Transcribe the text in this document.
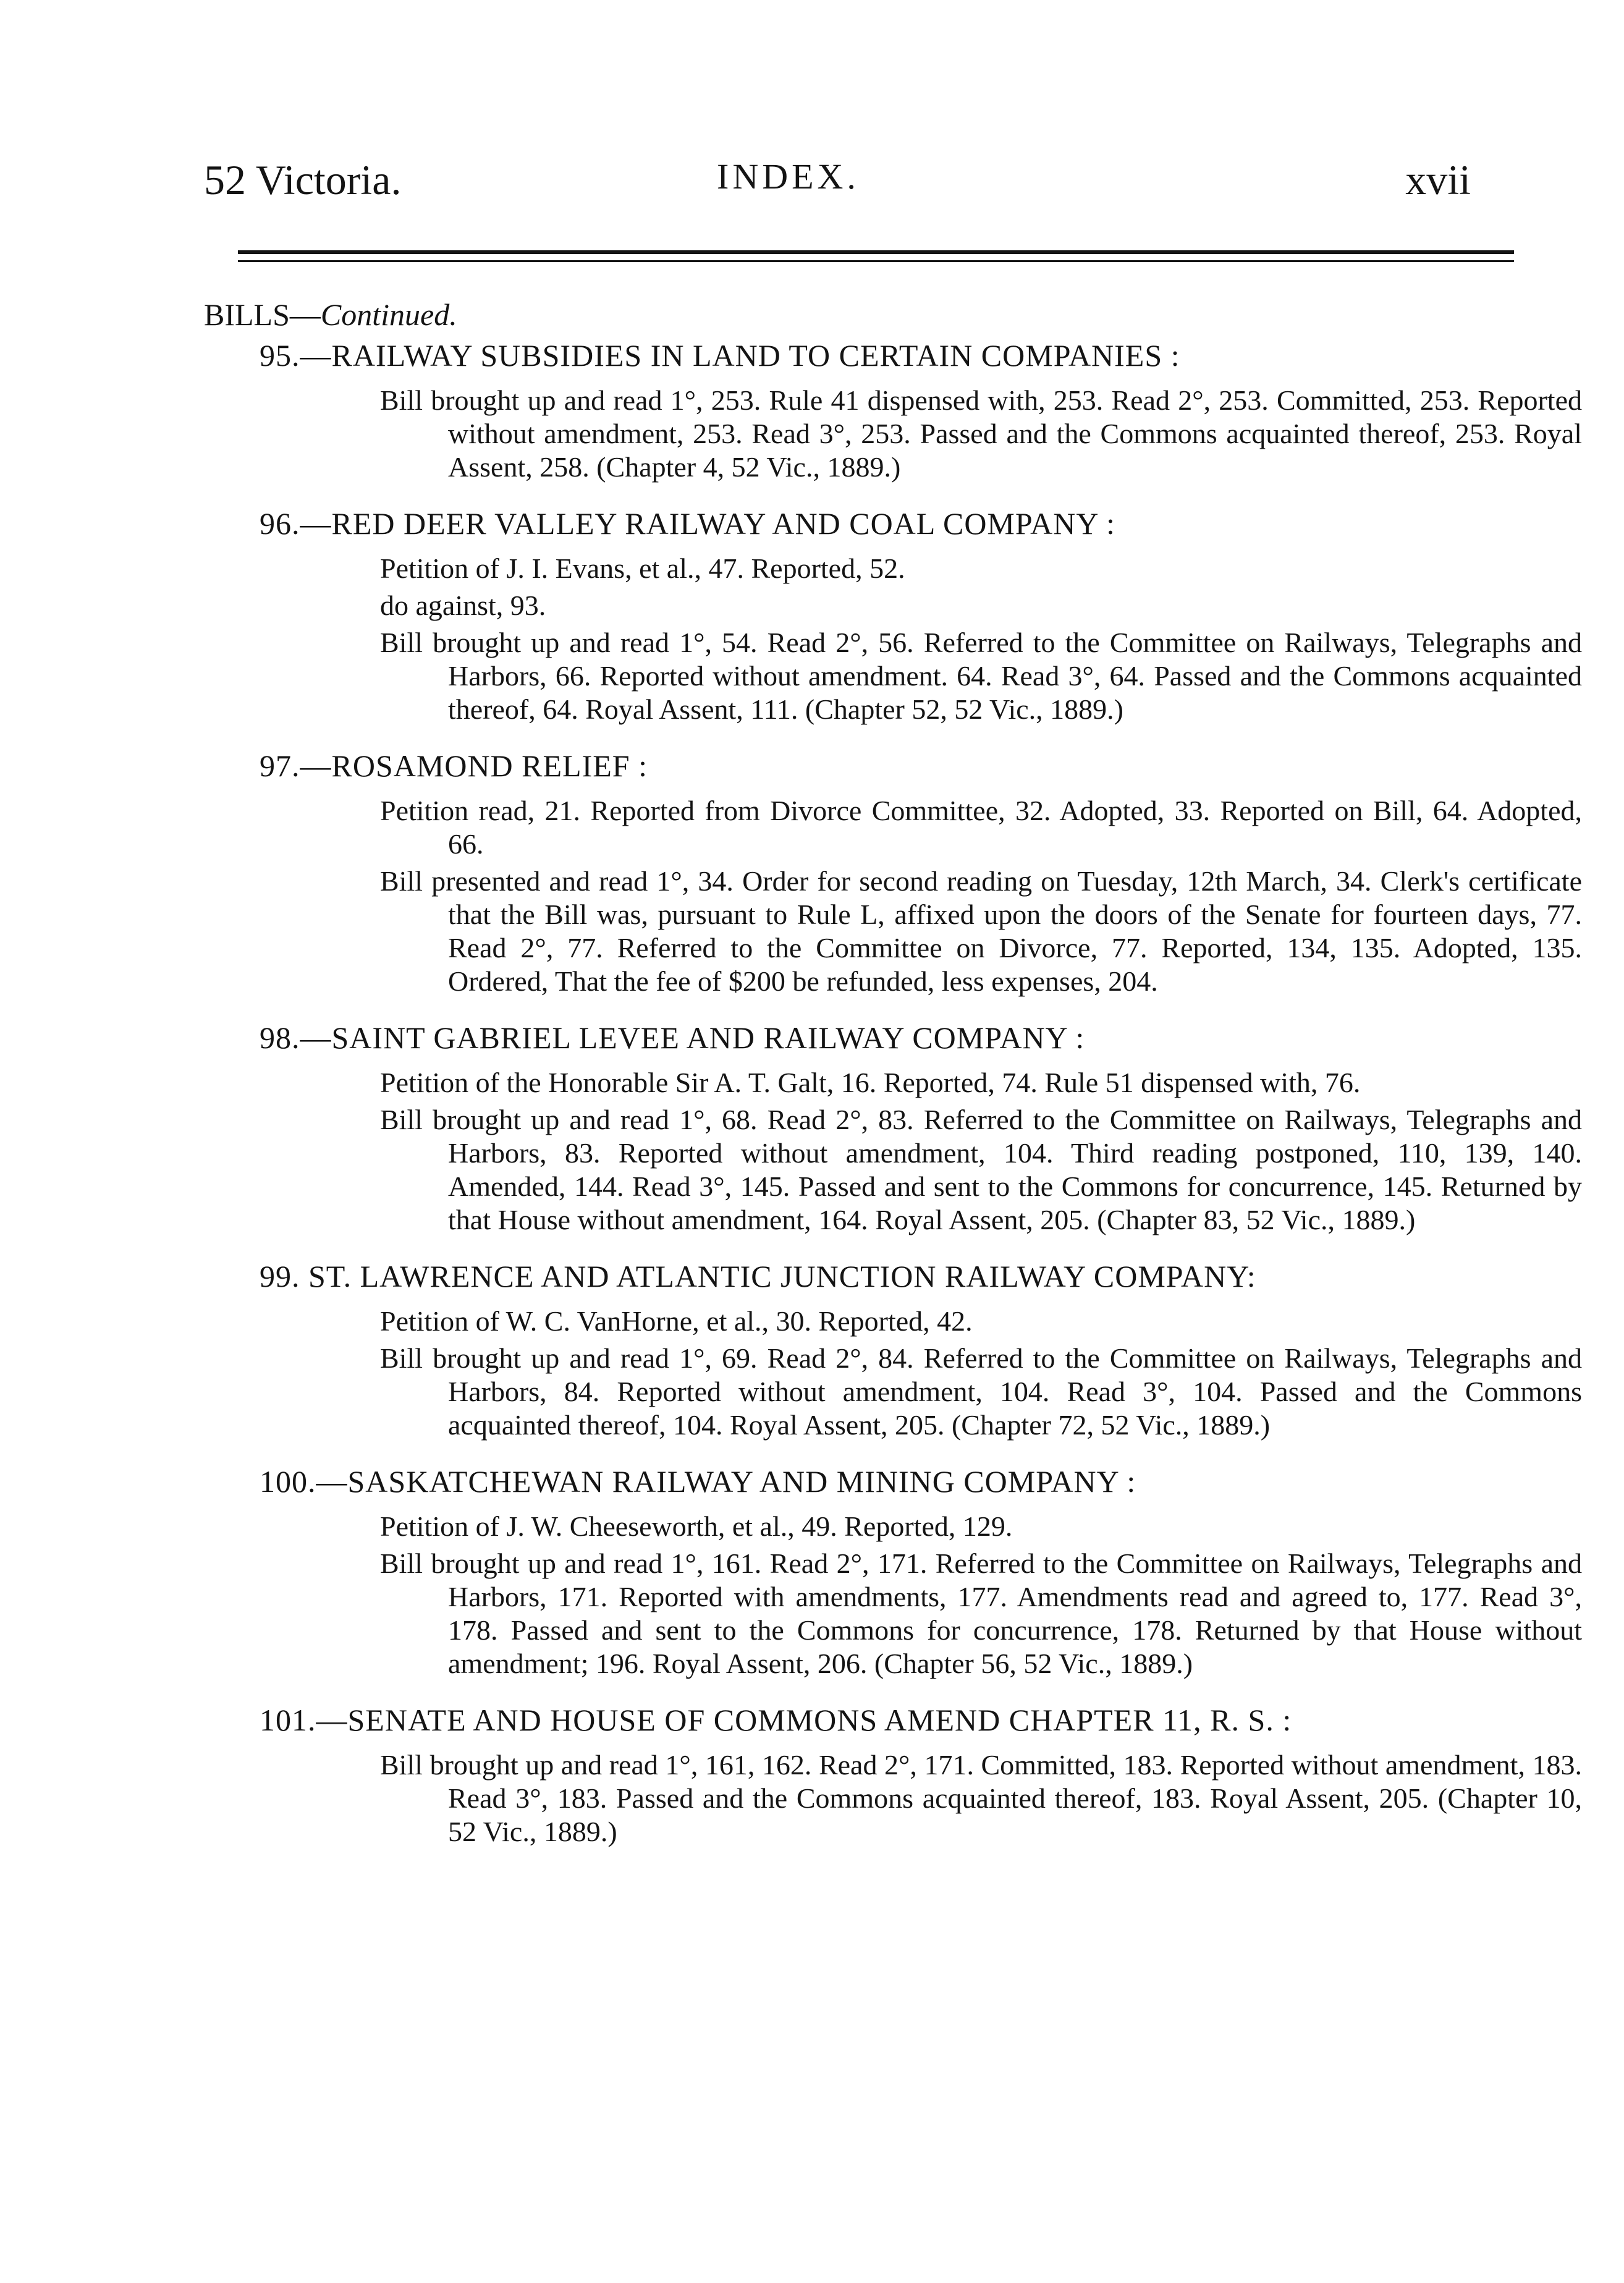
52 Victoria.	INDEX.	xvii
BILLS—Continued.
95.—RAILWAY SUBSIDIES IN LAND TO CERTAIN COMPANIES :
Bill brought up and read 1°, 253. Rule 41 dispensed with, 253. Read 2°, 253. Committed, 253. Reported without amendment, 253. Read 3°, 253. Passed and the Commons acquainted thereof, 253. Royal Assent, 258. (Chapter 4, 52 Vic., 1889.)
96.—RED DEER VALLEY RAILWAY AND COAL COMPANY :
Petition of J. I. Evans, et al., 47. Reported, 52.
do against, 93.
Bill brought up and read 1°, 54. Read 2°, 56. Referred to the Committee on Railways, Telegraphs and Harbors, 66. Reported without amendment. 64. Read 3°, 64. Passed and the Commons acquainted thereof, 64. Royal Assent, 111. (Chapter 52, 52 Vic., 1889.)
97.—ROSAMOND RELIEF :
Petition read, 21. Reported from Divorce Committee, 32. Adopted, 33. Reported on Bill, 64. Adopted, 66.
Bill presented and read 1°, 34. Order for second reading on Tuesday, 12th March, 34. Clerk's certificate that the Bill was, pursuant to Rule L, affixed upon the doors of the Senate for fourteen days, 77. Read 2°, 77. Referred to the Committee on Divorce, 77. Reported, 134, 135. Adopted, 135. Ordered, That the fee of $200 be refunded, less expenses, 204.
98.—SAINT GABRIEL LEVEE AND RAILWAY COMPANY :
Petition of the Honorable Sir A. T. Galt, 16. Reported, 74. Rule 51 dispensed with, 76.
Bill brought up and read 1°, 68. Read 2°, 83. Referred to the Committee on Railways, Telegraphs and Harbors, 83. Reported without amendment, 104. Third reading postponed, 110, 139, 140. Amended, 144. Read 3°, 145. Passed and sent to the Commons for concurrence, 145. Returned by that House without amendment, 164. Royal Assent, 205. (Chapter 83, 52 Vic., 1889.)
99. ST. LAWRENCE AND ATLANTIC JUNCTION RAILWAY COMPANY:
Petition of W. C. VanHorne, et al., 30. Reported, 42.
Bill brought up and read 1°, 69. Read 2°, 84. Referred to the Committee on Railways, Telegraphs and Harbors, 84. Reported without amendment, 104. Read 3°, 104. Passed and the Commons acquainted thereof, 104. Royal Assent, 205. (Chapter 72, 52 Vic., 1889.)
100.—SASKATCHEWAN RAILWAY AND MINING COMPANY :
Petition of J. W. Cheeseworth, et al., 49. Reported, 129.
Bill brought up and read 1°, 161. Read 2°, 171. Referred to the Committee on Railways, Telegraphs and Harbors, 171. Reported with amendments, 177. Amendments read and agreed to, 177. Read 3°, 178. Passed and sent to the Commons for concurrence, 178. Returned by that House without amendment; 196. Royal Assent, 206. (Chapter 56, 52 Vic., 1889.)
101.—SENATE AND HOUSE OF COMMONS AMEND CHAPTER 11, R. S. :
Bill brought up and read 1°, 161, 162. Read 2°, 171. Committed, 183. Reported without amendment, 183. Read 3°, 183. Passed and the Commons acquainted thereof, 183. Royal Assent, 205. (Chapter 10, 52 Vic., 1889.)
